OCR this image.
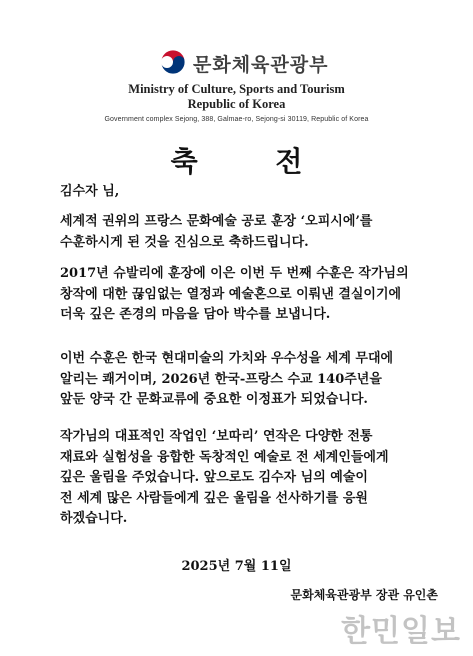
문화체육관광부
Ministry of Culture, Sports and Tourism
Republic of Korea
Government complex Sejong, 388, Galmae-ro, Sejong-si 30119, Republic of Korea
축 전
김수자 님,
세계적 권위의 프랑스 문화예술 공로 훈장 ‘오피시에’를
수훈하시게 된 것을 진심으로 축하드립니다.
2017년 슈발리에 훈장에 이은 이번 두 번째 수훈은 작가님의
창작에 대한 끊임없는 열정과 예술혼으로 이뤄낸 결실이기에
더욱 깊은 존경의 마음을 담아 박수를 보냅니다.
이번 수훈은 한국 현대미술의 가치와 우수성을 세계 무대에
알리는 쾌거이며, 2026년 한국-프랑스 수교 140주년을
앞둔 양국 간 문화교류에 중요한 이정표가 되었습니다.
작가님의 대표적인 작업인 ‘보따리’ 연작은 다양한 전통
재료와 실험성을 융합한 독창적인 예술로 전 세계인들에게
깊은 울림을 주었습니다. 앞으로도 김수자 님의 예술이
전 세계 많은 사람들에게 깊은 울림을 선사하기를 응원
하겠습니다.
2025년 7월 11일
문화체육관광부 장관 유인촌
한민일보
